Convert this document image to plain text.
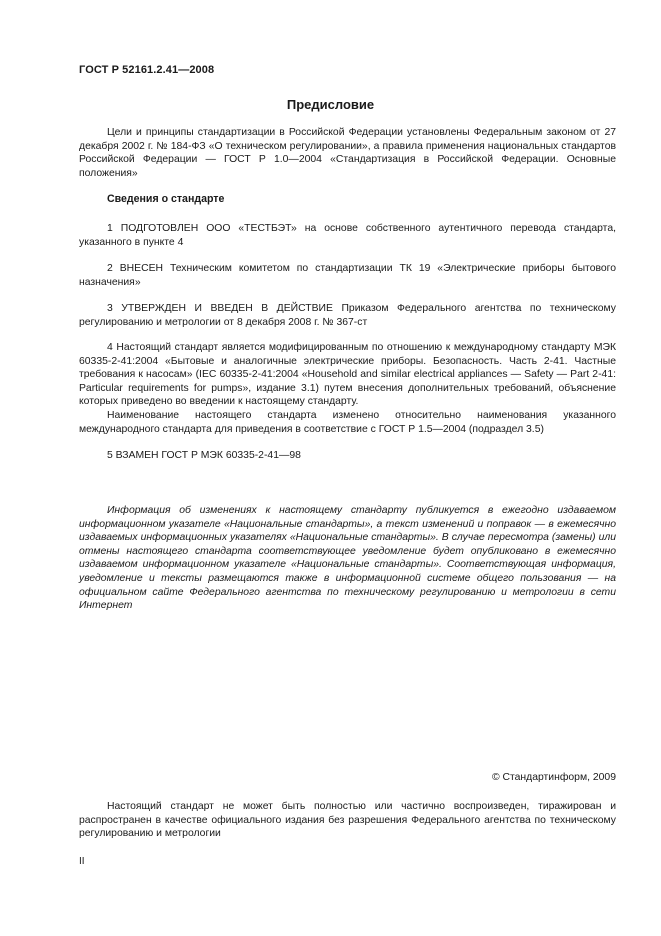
ГОСТ Р 52161.2.41—2008
Предисловие

Цели и принципы стандартизации в Российской Федерации установлены Федеральным законом от 27 декабря 2002 г. № 184-ФЗ «О техническом регулировании», а правила применения национальных стандартов Российской Федерации — ГОСТ Р 1.0—2004 «Стандартизация в Российской Федерации. Основные положения»

Сведения о стандарте

1 ПОДГОТОВЛЕН ООО «ТЕСТБЭТ» на основе собственного аутентичного перевода стандарта, указанного в пункте 4

2 ВНЕСЕН Техническим комитетом по стандартизации ТК 19 «Электрические приборы бытового назначения»

3 УТВЕРЖДЕН И ВВЕДЕН В ДЕЙСТВИЕ Приказом Федерального агентства по техническому регулированию и метрологии от 8 декабря 2008 г. № 367-ст

4 Настоящий стандарт является модифицированным по отношению к международному стандарту МЭК 60335-2-41:2004 «Бытовые и аналогичные электрические приборы. Безопасность. Часть 2-41. Частные требования к насосам» (IEC 60335-2-41:2004 «Household and similar electrical appliances — Safety — Part 2-41: Particular requirements for pumps», издание 3.1) путем внесения дополнительных требований, объяснение которых приведено во введении к настоящему стандарту.

Наименование настоящего стандарта изменено относительно наименования указанного международного стандарта для приведения в соответствие с ГОСТ Р 1.5—2004 (подраздел 3.5)

5 ВЗАМЕН ГОСТ Р МЭК 60335-2-41—98

Информация об изменениях к настоящему стандарту публикуется в ежегодно издаваемом информационном указателе «Национальные стандарты», а текст изменений и поправок — в ежемесячно издаваемых информационных указателях «Национальные стандарты». В случае пересмотра (замены) или отмены настоящего стандарта соответствующее уведомление будет опубликовано в ежемесячно издаваемом информационном указателе «Национальные стандарты». Соответствующая информация, уведомление и тексты размещаются также в информационной системе общего пользования — на официальном сайте Федерального агентства по техническому регулированию и метрологии в сети Интернет

© Стандартинформ, 2009

Настоящий стандарт не может быть полностью или частично воспроизведен, тиражирован и распространен в качестве официального издания без разрешения Федерального агентства по техническому регулированию и метрологии

II
